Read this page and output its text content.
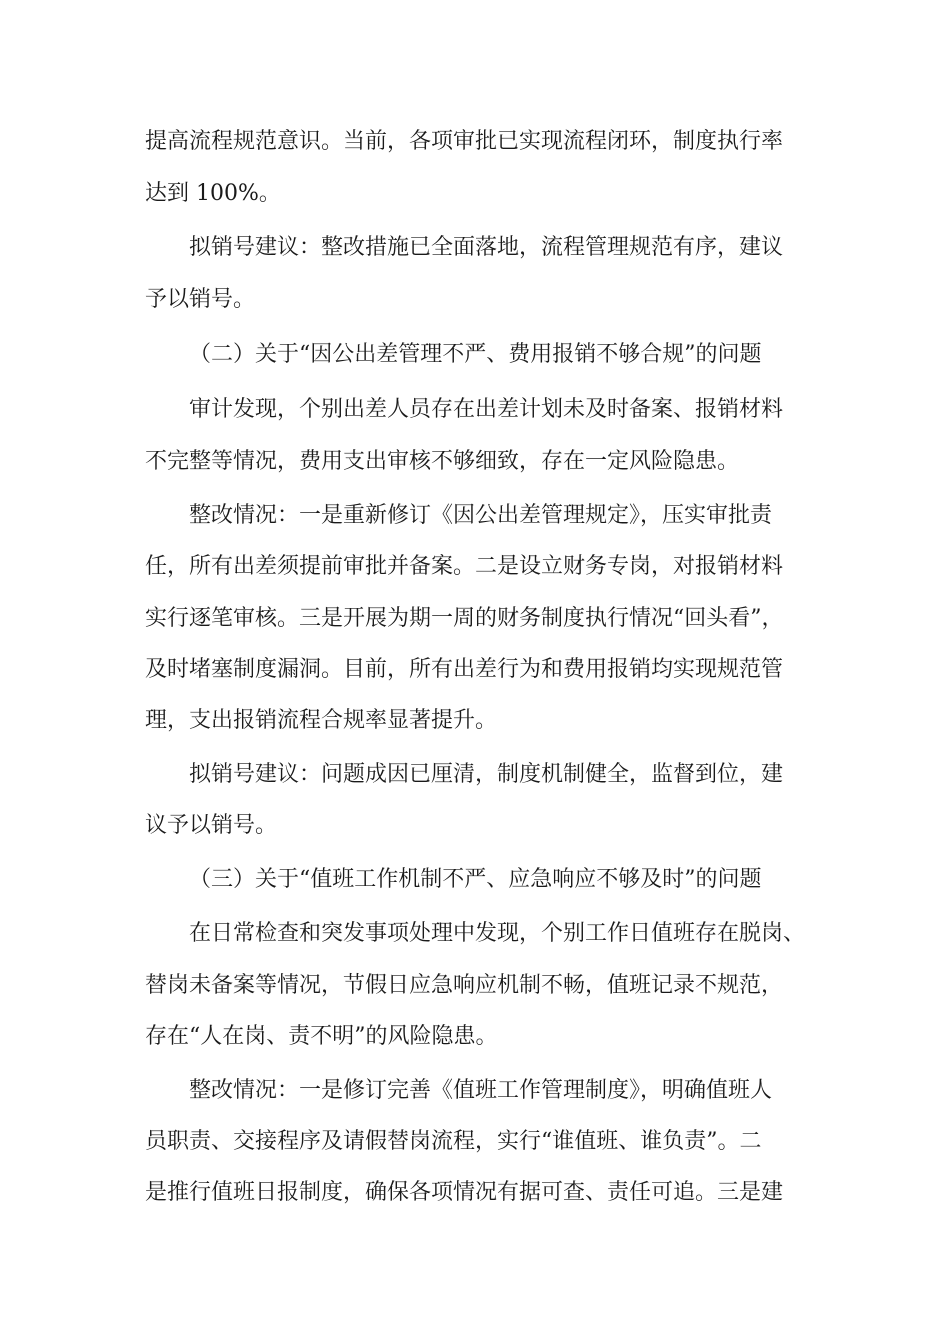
提高流程规范意识。当前，各项审批已实现流程闭环，制度执行率

达到 100%。

拟销号建议：整改措施已全面落地，流程管理规范有序，建议

予以销号。

（二）关于“因公出差管理不严、费用报销不够合规”的问题

审计发现，个别出差人员存在出差计划未及时备案、报销材料

不完整等情况，费用支出审核不够细致，存在一定风险隐患。

整改情况：一是重新修订《因公出差管理规定》，压实审批责

任，所有出差须提前审批并备案。二是设立财务专岗，对报销材料

实行逐笔审核。三是开展为期一周的财务制度执行情况“回头看”，

及时堵塞制度漏洞。目前，所有出差行为和费用报销均实现规范管

理，支出报销流程合规率显著提升。

拟销号建议：问题成因已厘清，制度机制健全，监督到位，建

议予以销号。

（三）关于“值班工作机制不严、应急响应不够及时”的问题

在日常检查和突发事项处理中发现，个别工作日值班存在脱岗、

替岗未备案等情况，节假日应急响应机制不畅，值班记录不规范，

存在“人在岗、责不明”的风险隐患。

整改情况：一是修订完善《值班工作管理制度》，明确值班人

员职责、交接程序及请假替岗流程，实行“谁值班、谁负责”。二

是推行值班日报制度，确保各项情况有据可查、责任可追。三是建
